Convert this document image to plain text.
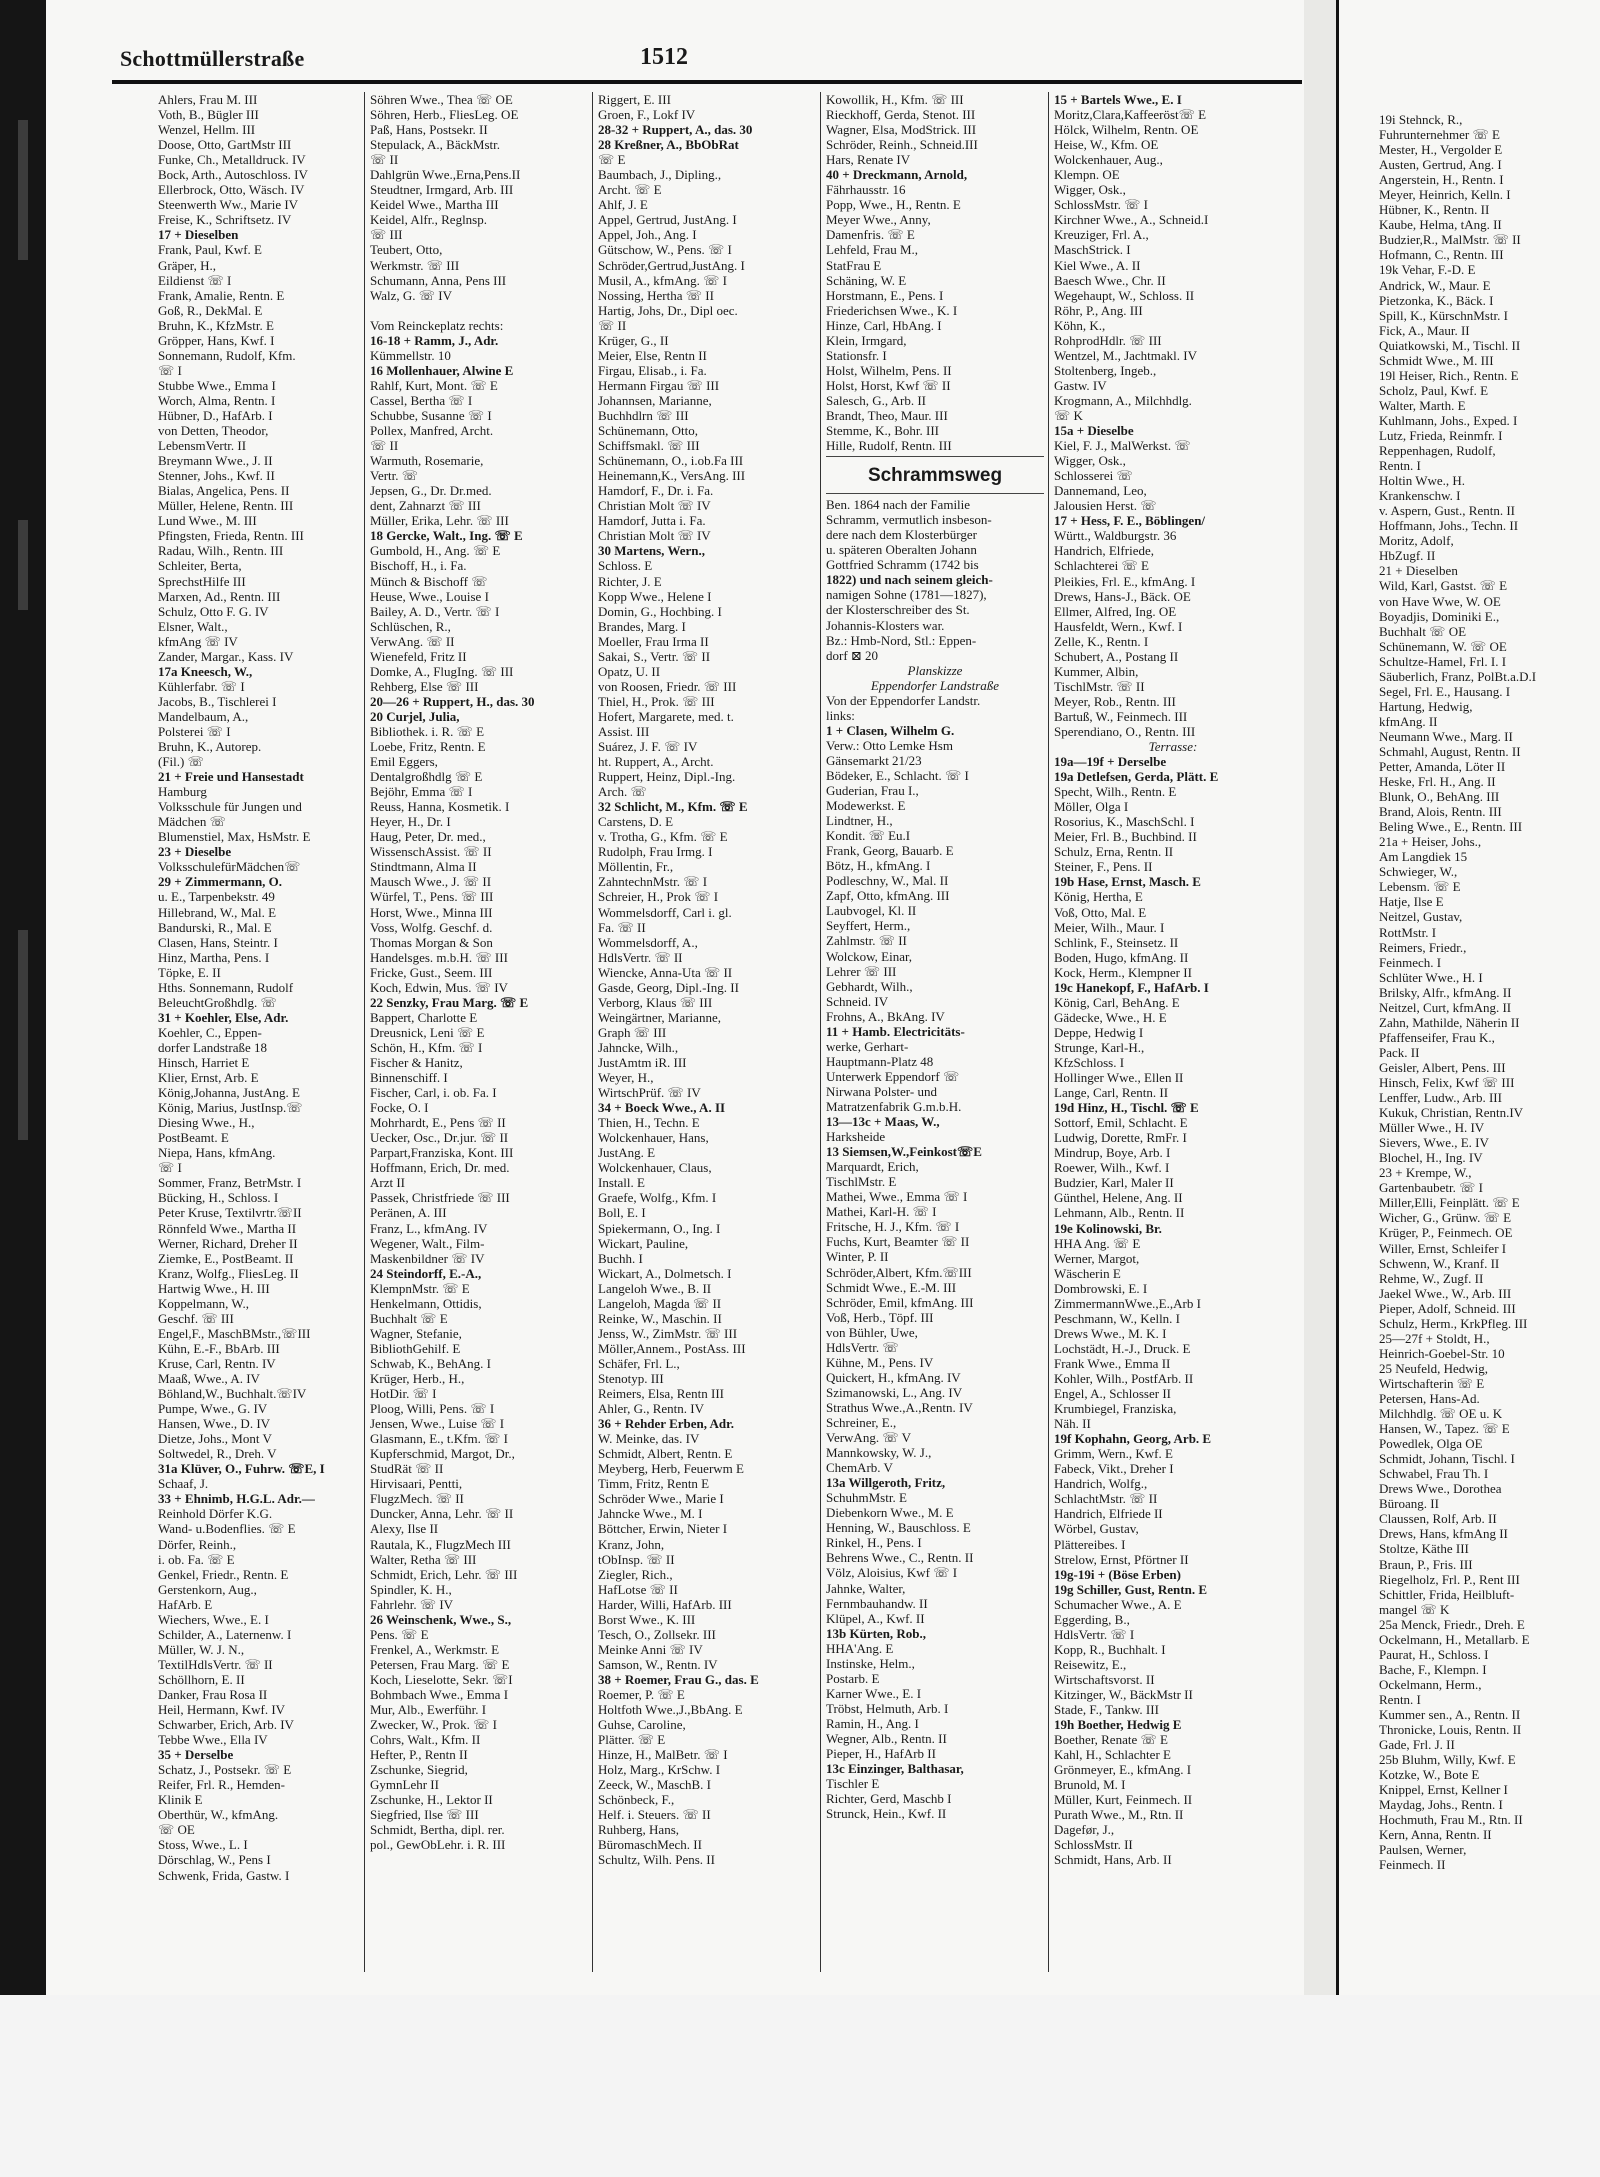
19i Stehnck, R.,
Fuhrunternehmer ☏ E
Mester, H., Vergolder E
Austen, Gertrud, Ang. I
Angerstein, H., Rentn. I
Meyer, Heinrich, Kelln. I
Hübner, K., Rentn. II
Kaube, Helma, tAng. II
Budzier,R., MalMstr. ☏ II
Hofmann, C., Rentn. III
19k Vehar, F.-D. E
Andrick, W., Maur. E
Pietzonka, K., Bäck. I
Spill, K., KürschnMstr. I
Fick, A., Maur. II
Quiatkowski, M., Tischl. II
Schmidt Wwe., M. III
19l Heiser, Rich., Rentn. E
Scholz, Paul, Kwf. E
Walter, Marth. E
Kuhlmann, Johs., Exped. I
Lutz, Frieda, Reinmfr. I
Reppenhagen, Rudolf,
Rentn. I
Holtin Wwe., H.
Krankenschw. I
v. Aspern, Gust., Rentn. II
Hoffmann, Johs., Techn. II
Moritz, Adolf,
HbZugf. II
21 + Dieselben
Wild, Karl, Gastst. ☏ E
von Have Wwe, W. OE
Boyadjis, Dominiki E.,
Buchhalt ☏ OE
Schünemann, W. ☏ OE
Schultze-Hamel, Frl. I. I
Säuberlich, Franz, PolBt.a.D.I
Segel, Frl. E., Hausang. I
Hartung, Hedwig,
kfmAng. II
Neumann Wwe., Marg. II
Schmahl, August, Rentn. II
Petter, Amanda, Löter II
Heske, Frl. H., Ang. II
Blunk, O., BehAng. III
Brand, Alois, Rentn. III
Beling Wwe., E., Rentn. III
21a + Heiser, Johs.,
Am Langdiek 15
Schwieger, W.,
Lebensm. ☏ E
Hatje, Ilse E
Neitzel, Gustav,
RottMstr. I
Reimers, Friedr.,
Feinmech. I
Schlüter Wwe., H. I
Brilsky, Alfr., kfmAng. II
Neitzel, Curt, kfmAng. II
Zahn, Mathilde, Näherin II
Pfaffenseifer, Frau K.,
Pack. II
Geisler, Albert, Pens. III
Hinsch, Felix, Kwf ☏ III
Lenffer, Ludw., Arb. III
Kukuk, Christian, Rentn.IV
Müller Wwe., H. IV
Sievers, Wwe., E. IV
Blochel, H., Ing. IV
23 + Krempe, W.,
Gartenbaubetr. ☏ I
Miller,Elli, Feinplätt. ☏ E
Wicher, G., Grünw. ☏ E
Krüger, P., Feinmech. OE
Willer, Ernst, Schleifer I
Schwenn, W., Kranf. II
Rehme, W., Zugf. II
Jaekel Wwe., W., Arb. III
Pieper, Adolf, Schneid. III
Schulz, Herm., KrkPfleg. III
25—27f + Stoldt, H.,
Heinrich-Goebel-Str. 10
25 Neufeld, Hedwig,
Wirtschafterin ☏ E
Petersen, Hans-Ad.
Milchhdlg. ☏ OE u. K
Hansen, W., Tapez. ☏ E
Powedlek, Olga OE
Schmidt, Johann, Tischl. I
Schwabel, Frau Th. I
Drews Wwe., Dorothea
Büroang. II
Claussen, Rolf, Arb. II
Drews, Hans, kfmAng II
Stoltze, Käthe III
Braun, P., Fris. III
Riegelholz, Frl. P., Rent III
Schittler, Frida, Heilbluft-
mangel ☏ K
25a Menck, Friedr., Dreh. E
Ockelmann, H., Metallarb. E
Paurat, H., Schloss. I
Bache, F., Klempn. I
Ockelmann, Herm.,
Rentn. I
Kummer sen., A., Rentn. II
Thronicke, Louis, Rentn. II
Gade, Frl. J. II
25b Bluhm, Willy, Kwf. E
Kotzke, W., Bote E
Knippel, Ernst, Kellner I
Maydag, Johs., Rentn. I
Hochmuth, Frau M., Rtn. II
Kern, Anna, Rentn. II
Paulsen, Werner,
Feinmech. II
Schottmüllerstraße	1512
Ahlers, Frau M. III
Voth, B., Bügler III
Wenzel, Hellm. III
Doose, Otto, GartMstr III
Funke, Ch., Metalldruck. IV
Bock, Arth., Autoschloss. IV
Ellerbrock, Otto, Wäsch. IV
Steenwerth Ww., Marie IV
Freise, K., Schriftsetz. IV
17 + Dieselben
Frank, Paul, Kwf. E
Gräper, H.,
Eildienst ☏ I
Frank, Amalie, Rentn. E
Goß, R., DekMal. E
Bruhn, K., KfzMstr. E
Gröpper, Hans, Kwf. I
Sonnemann, Rudolf, Kfm.
☏ I
Stubbe Wwe., Emma I
Worch, Alma, Rentn. I
Hübner, D., HafArb. I
von Detten, Theodor,
LebensmVertr. II
Breymann Wwe., J. II
Stenner, Johs., Kwf. II
Bialas, Angelica, Pens. II
Müller, Helene, Rentn. III
Lund Wwe., M. III
Pfingsten, Frieda, Rentn. III
Radau, Wilh., Rentn. III
Schleiter, Berta,
SprechstHilfe III
Marxen, Ad., Rentn. III
Schulz, Otto F. G. IV
Elsner, Walt.,
kfmAng ☏ IV
Zander, Margar., Kass. IV
17a Kneesch, W.,
Kühlerfabr. ☏ I
Jacobs, B., Tischlerei I
Mandelbaum, A.,
Polsterei ☏ I
Bruhn, K., Autorep.
(Fil.) ☏
21 + Freie und Hansestadt
Hamburg
Volksschule für Jungen und
Mädchen ☏
Blumenstiel, Max, HsMstr. E
23 + Dieselbe
VolksschulefürMädchen☏
29 + Zimmermann, O.
u. E., Tarpenbekstr. 49
Hillebrand, W., Mal. E
Bandurski, R., Mal. E
Clasen, Hans, Steintr. I
Hinz, Martha, Pens. I
Töpke, E. II
Hths. Sonnemann, Rudolf
BeleuchtGroßhdlg. ☏
31 + Koehler, Else, Adr.
Koehler, C., Eppen-
dorfer Landstraße 18
Hinsch, Harriet E
Klier, Ernst, Arb. E
König,Johanna, JustAng. E
König, Marius, JustInsp.☏
Diesing Wwe., H.,
PostBeamt. E
Niepa, Hans, kfmAng.
☏ I
Sommer, Franz, BetrMstr. I
Bücking, H., Schloss. I
Peter Kruse, Textilvrtr.☏II
Rönnfeld Wwe., Martha II
Werner, Richard, Dreher II
Ziemke, E., PostBeamt. II
Kranz, Wolfg., FliesLeg. II
Hartwig Wwe., H. III
Koppelmann, W.,
Geschf. ☏ III
Engel,F., MaschBMstr.,☏III
Kühn, E.-F., BbArb. III
Kruse, Carl, Rentn. IV
Maaß, Wwe., A. IV
Böhland,W., Buchhalt.☏IV
Pumpe, Wwe., G. IV
Hansen, Wwe., D. IV
Dietze, Johs., Mont V
Soltwedel, R., Dreh. V
31a Klüver, O., Fuhrw. ☏E, I
Schaaf, J.
33 + Ehnimb, H.G.L. Adr.—
Reinhold Dörfer K.G.
Wand- u.Bodenflies. ☏ E
Dörfer, Reinh.,
i. ob. Fa. ☏ E
Genkel, Friedr., Rentn. E
Gerstenkorn, Aug.,
HafArb. E
Wiechers, Wwe., E. I
Schilder, A., Laternenw. I
Müller, W. J. N.,
TextilHdlsVertr. ☏ II
Schöllhorn, E. II
Danker, Frau Rosa II
Heil, Hermann, Kwf. IV
Schwarber, Erich, Arb. IV
Tebbe Wwe., Ella IV
35 + Derselbe
Schatz, J., Postsekr. ☏ E
Reifer, Frl. R., Hemden-
Klinik E
Oberthür, W., kfmAng.
☏ OE
Stoss, Wwe., L. I
Dörschlag, W., Pens I
Schwenk, Frida, Gastw. I
Söhren Wwe., Thea ☏ OE
Söhren, Herb., FliesLeg. OE
Paß, Hans, Postsekr. II
Stepulack, A., BäckMstr.
☏ II
Dahlgrün Wwe.,Erna,Pens.II
Steudtner, Irmgard, Arb. III
Keidel Wwe., Martha III
Keidel, Alfr., Reglnsp.
☏ III
Teubert, Otto,
Werkmstr. ☏ III
Schumann, Anna, Pens III
Walz, G. ☏ IV

Vom Reinckeplatz rechts:
16-18 + Ramm, J., Adr.
Kümmellstr. 10
16 Mollenhauer, Alwine E
Rahlf, Kurt, Mont. ☏ E
Cassel, Bertha ☏ I
Schubbe, Susanne ☏ I
Pollex, Manfred, Archt.
☏ II
Warmuth, Rosemarie,
Vertr. ☏
Jepsen, G., Dr. Dr.med.
dent, Zahnarzt ☏ III
Müller, Erika, Lehr. ☏ III
18 Gercke, Walt., Ing. ☏ E
Gumbold, H., Ang. ☏ E
Bischoff, H., i. Fa.
Münch & Bischoff ☏
Heuse, Wwe., Louise I
Bailey, A. D., Vertr. ☏ I
Schlüschen, R.,
VerwAng. ☏ II
Wienefeld, Fritz II
Domke, A., FlugIng. ☏ III
Rehberg, Else ☏ III
20—26 + Ruppert, H., das. 30
20 Curjel, Julia,
Bibliothek. i. R. ☏ E
Loebe, Fritz, Rentn. E
Emil Eggers,
Dentalgroßhdlg ☏ E
Bejöhr, Emma ☏ I
Reuss, Hanna, Kosmetik. I
Heyer, H., Dr. I
Haug, Peter, Dr. med.,
WissenschAssist. ☏ II
Stindtmann, Alma II
Mausch Wwe., J. ☏ II
Würfel, T., Pens. ☏ III
Horst, Wwe., Minna III
Voss, Wolfg. Geschf. d.
Thomas Morgan & Son
Handelsges. m.b.H. ☏ III
Fricke, Gust., Seem. III
Koch, Edwin, Mus. ☏ IV
22 Senzky, Frau Marg. ☏ E
Bappert, Charlotte E
Dreusnick, Leni ☏ E
Schön, H., Kfm. ☏ I
Fischer & Hanitz,
Binnenschiff. I
Fischer, Carl, i. ob. Fa. I
Focke, O. I
Mohrhardt, E., Pens ☏ II
Uecker, Osc., Dr.jur. ☏ II
Parpart,Franziska, Kont. III
Hoffmann, Erich, Dr. med.
Arzt II
Passek, Christfriede ☏ III
Peränen, A. III
Franz, L., kfmAng. IV
Wegener, Walt., Film-
Maskenbildner ☏ IV
24 Steindorff, E.-A.,
KlempnMstr. ☏ E
Henkelmann, Ottidis,
Buchhalt ☏ E
Wagner, Stefanie,
BibliothGehilf. E
Schwab, K., BehAng. I
Krüger, Herb., H.,
HotDir. ☏ I
Ploog, Willi, Pens. ☏ I
Jensen, Wwe., Luise ☏ I
Glasmann, E., t.Kfm. ☏ I
Kupferschmid, Margot, Dr.,
StudRät ☏ II
Hirvisaari, Pentti,
FlugzMech. ☏ II
Duncker, Anna, Lehr. ☏ II
Alexy, Ilse II
Rautala, K., FlugzMech III
Walter, Retha ☏ III
Schmidt, Erich, Lehr. ☏ III
Spindler, K. H.,
Fahrlehr. ☏ IV
26 Weinschenk, Wwe., S.,
Pens. ☏ E
Frenkel, A., Werkmstr. E
Petersen, Frau Marg. ☏ E
Koch, Lieselotte, Sekr. ☏I
Bohmbach Wwe., Emma I
Mur, Alb., Ewerführ. I
Zwecker, W., Prok. ☏ I
Cohrs, Walt., Kfm. II
Hefter, P., Rentn II
Zschunke, Siegrid,
GymnLehr II
Zschunke, H., Lektor II
Siegfried, Ilse ☏ III
Schmidt, Bertha, dipl. rer.
pol., GewObLehr. i. R. III
Riggert, E. III
Groen, F., Lokf IV
28-32 + Ruppert, A., das. 30
28 Kreßner, A., BbObRat
☏ E
Baumbach, J., Dipling.,
Archt. ☏ E
Ahlf, J. E
Appel, Gertrud, JustAng. I
Appel, Joh., Ang. I
Gütschow, W., Pens. ☏ I
Schröder,Gertrud,JustAng. I
Musil, A., kfmAng. ☏ I
Nossing, Hertha ☏ II
Hartig, Johs, Dr., Dipl oec.
☏ II
Krüger, G., II
Meier, Else, Rentn II
Firgau, Elisab., i. Fa.
Hermann Firgau ☏ III
Johannsen, Marianne,
Buchhdlrn ☏ III
Schünemann, Otto,
Schiffsmakl. ☏ III
Schünemann, O., i.ob.Fa III
Heinemann,K., VersAng. III
Hamdorf, F., Dr. i. Fa.
Christian Molt ☏ IV
Hamdorf, Jutta i. Fa.
Christian Molt ☏ IV
30 Martens, Wern.,
Schloss. E
Richter, J. E
Kopp Wwe., Helene I
Domin, G., Hochbing. I
Brandes, Marg. I
Moeller, Frau Irma II
Sakai, S., Vertr. ☏ II
Opatz, U. II
von Roosen, Friedr. ☏ III
Thiel, H., Prok. ☏ III
Hofert, Margarete, med. t.
Assist. III
Suárez, J. F. ☏ IV
ht. Ruppert, A., Archt.
Ruppert, Heinz, Dipl.-Ing.
Arch. ☏
32 Schlicht, M., Kfm. ☏ E
Carstens, D. E
v. Trotha, G., Kfm. ☏ E
Rudolph, Frau Irmg. I
Möllentin, Fr.,
ZahntechnMstr. ☏ I
Schreier, H., Prok ☏ I
Wommelsdorff, Carl i. gl.
Fa. ☏ II
Wommelsdorff, A.,
HdlsVertr. ☏ II
Wiencke, Anna-Uta ☏ II
Gasde, Georg, Dipl.-Ing. II
Verborg, Klaus ☏ III
Weingärtner, Marianne,
Graph ☏ III
Jahncke, Wilh.,
JustAmtm iR. III
Weyer, H.,
WirtschPrüf. ☏ IV
34 + Boeck Wwe., A. II
Thien, H., Techn. E
Wolckenhauer, Hans,
JustAng. E
Wolckenhauer, Claus,
Install. E
Graefe, Wolfg., Kfm. I
Boll, E. I
Spiekermann, O., Ing. I
Wickart, Pauline,
Buchh. I
Wickart, A., Dolmetsch. I
Langeloh Wwe., B. II
Langeloh, Magda ☏ II
Reinke, W., Maschin. II
Jenss, W., ZimMstr. ☏ III
Möller,Annem., PostAss. III
Schäfer, Frl. L.,
Stenotyp. III
Reimers, Elsa, Rentn III
Ahler, G., Rentn. IV
36 + Rehder Erben, Adr.
W. Meinke, das. IV
Schmidt, Albert, Rentn. E
Meyberg, Herb, Feuerwm E
Timm, Fritz, Rentn E
Schröder Wwe., Marie I
Jahncke Wwe., M. I
Böttcher, Erwin, Nieter I
Kranz, John,
tObInsp. ☏ II
Ziegler, Rich.,
HafLotse ☏ II
Harder, Willi, HafArb. III
Borst Wwe., K. III
Tesch, O., Zollsekr. III
Meinke Anni ☏ IV
Samson, W., Rentn. IV
38 + Roemer, Frau G., das. E
Roemer, P. ☏ E
Holtfoth Wwe.,J.,BbAng. E
Guhse, Caroline,
Plätter. ☏ E
Hinze, H., MalBetr. ☏ I
Holz, Marg., KrSchw. I
Zeeck, W., MaschB. I
Schönbeck, F.,
Helf. i. Steuers. ☏ II
Ruhberg, Hans,
BüromaschMech. II
Schultz, Wilh. Pens. II
Kowollik, H., Kfm. ☏ III
Rieckhoff, Gerda, Stenot. III
Wagner, Elsa, ModStrick. III
Schröder, Reinh., Schneid.III
Hars, Renate IV
40 + Dreckmann, Arnold,
Fährhausstr. 16
Popp, Wwe., H., Rentn. E
Meyer Wwe., Anny,
Damenfris. ☏ E
Lehfeld, Frau M.,
StatFrau E
Schäning, W. E
Horstmann, E., Pens. I
Friederichsen Wwe., K. I
Hinze, Carl, HbAng. I
Klein, Irmgard,
Stationsfr. I
Holst, Wilhelm, Pens. II
Holst, Horst, Kwf ☏ II
Salesch, G., Arb. II
Brandt, Theo, Maur. III
Stemme, K., Bohr. III
Hille, Rudolf, Rentn. III
Schrammsweg
Ben. 1864 nach der Familie
Schramm, vermutlich insbeson-
dere nach dem Klosterbürger
u. späteren Oberalten Johann
Gottfried Schramm (1742 bis
1822) und nach seinem gleich-
namigen Sohne (1781—1827),
der Klosterschreiber des St.
Johannis-Klosters war.
Bz.: Hmb-Nord, Stl.: Eppen-
dorf ⊠ 20
Planskizze
Eppendorfer Landstraße
Von der Eppendorfer Landstr.
links:
1 + Clasen, Wilhelm G.
Verw.: Otto Lemke Hsm
Gänsemarkt 21/23
Bödeker, E., Schlacht. ☏ I
Guderian, Frau I.,
Modewerkst. E
Lindtner, H.,
Kondit. ☏ Eu.I
Frank, Georg, Bauarb. E
Bötz, H., kfmAng. I
Podleschny, W., Mal. II
Zapf, Otto, kfmAng. III
Laubvogel, Kl. II
Seyffert, Herm.,
Zahlmstr. ☏ II
Wolckow, Einar,
Lehrer ☏ III
Gebhardt, Wilh.,
Schneid. IV
Frohns, A., BkAng. IV
11 + Hamb. Electricitäts-
werke, Gerhart-
Hauptmann-Platz 48
Unterwerk Eppendorf ☏
Nirwana Polster- und
Matratzenfabrik G.m.b.H.
13—13c + Maas, W.,
Harksheide
13 Siemsen,W.,Feinkost☏E
Marquardt, Erich,
TischlMstr. E
Mathei, Wwe., Emma ☏ I
Mathei, Karl-H. ☏ I
Fritsche, H. J., Kfm. ☏ I
Fuchs, Kurt, Beamter ☏ II
Winter, P. II
Schröder,Albert, Kfm.☏III
Schmidt Wwe., E.-M. III
Schröder, Emil, kfmAng. III
Voß, Herb., Töpf. III
von Bühler, Uwe,
HdlsVertr. ☏
Kühne, M., Pens. IV
Quickert, H., kfmAng. IV
Szimanowski, L., Ang. IV
Strathus Wwe.,A.,Rentn. IV
Schreiner, E.,
VerwAng. ☏ V
Mannkowsky, W. J.,
ChemArb. V
13a Willgeroth, Fritz,
SchuhmMstr. E
Diebenkorn Wwe., M. E
Henning, W., Bauschloss. E
Rinkel, H., Pens. I
Behrens Wwe., C., Rentn. II
Völz, Aloisius, Kwf ☏ I
Jahnke, Walter,
Fernmbauhandw. II
Klüpel, A., Kwf. II
13b Kürten, Rob.,
HHA'Ang. E
Instinske, Helm.,
Postarb. E
Karner Wwe., E. I
Tröbst, Helmuth, Arb. I
Ramin, H., Ang. I
Wegner, Alb., Rentn. II
Pieper, H., HafArb II
13c Einzinger, Balthasar,
Tischler E
Richter, Gerd, Maschb I
Strunck, Hein., Kwf. II
15 + Bartels Wwe., E. I
Moritz,Clara,Kaffeeröst☏ E
Hölck, Wilhelm, Rentn. OE
Heise, W., Kfm. OE
Wolckenhauer, Aug.,
Klempn. OE
Wigger, Osk.,
SchlossMstr. ☏ I
Kirchner Wwe., A., Schneid.I
Kreuziger, Frl. A.,
MaschStrick. I
Kiel Wwe., A. II
Baesch Wwe., Chr. II
Wegehaupt, W., Schloss. II
Röhr, P., Ang. III
Köhn, K.,
RohprodHdlr. ☏ III
Wentzel, M., Jachtmakl. IV
Stoltenberg, Ingeb.,
Gastw. IV
Krogmann, A., Milchhdlg.
☏ K
15a + Dieselbe
Kiel, F. J., MalWerkst. ☏
Wigger, Osk.,
Schlosserei ☏
Dannemand, Leo,
Jalousien Herst. ☏
17 + Hess, F. E., Böblingen/
Württ., Waldburgstr. 36
Handrich, Elfriede,
Schlachterei ☏ E
Pleikies, Frl. E., kfmAng. I
Drews, Hans-J., Bäck. OE
Ellmer, Alfred, Ing. OE
Hausfeldt, Wern., Kwf. I
Zelle, K., Rentn. I
Schubert, A., Postang II
Kummer, Albin,
TischlMstr. ☏ II
Meyer, Rob., Rentn. III
Bartuß, W., Feinmech. III
Sperendiano, O., Rentn. III
Terrasse:
19a—19f + Derselbe
19a Detlefsen, Gerda, Plätt. E
Specht, Wilh., Rentn. E
Möller, Olga I
Rosorius, K., MaschSchl. I
Meier, Frl. B., Buchbind. II
Schulz, Erna, Rentn. II
Steiner, F., Pens. II
19b Hase, Ernst, Masch. E
König, Hertha, E
Voß, Otto, Mal. E
Meier, Wilh., Maur. I
Schlink, F., Steinsetz. II
Boden, Hugo, kfmAng. II
Kock, Herm., Klempner II
19c Hanekopf, F., HafArb. I
König, Carl, BehAng. E
Gädecke, Wwe., H. E
Deppe, Hedwig I
Strunge, Karl-H.,
KfzSchloss. I
Hollinger Wwe., Ellen II
Lange, Carl, Rentn. II
19d Hinz, H., Tischl. ☏ E
Sottorf, Emil, Schlacht. E
Ludwig, Dorette, RmFr. I
Mindrup, Boye, Arb. I
Roewer, Wilh., Kwf. I
Budzier, Karl, Maler II
Günthel, Helene, Ang. II
Lehmann, Alb., Rentn. II
19e Kolinowski, Br.
HHA Ang. ☏ E
Werner, Margot,
Wäscherin E
Dombrowski, E. I
ZimmermannWwe.,E.,Arb I
Peschmann, W., Kelln. I
Drews Wwe., M. K. I
Lochstädt, H.-J., Druck. E
Frank Wwe., Emma II
Kohler, Wilh., PostfArb. II
Engel, A., Schlosser II
Krumbiegel, Franziska,
Näh. II
19f Kophahn, Georg, Arb. E
Grimm, Wern., Kwf. E
Fabeck, Vikt., Dreher I
Handrich, Wolfg.,
SchlachtMstr. ☏ II
Handrich, Elfriede II
Wörbel, Gustav,
Plättereibes. I
Strelow, Ernst, Pförtner II
19g-19i + (Böse Erben)
19g Schiller, Gust, Rentn. E
Schumacher Wwe., A. E
Eggerding, B.,
HdlsVertr. ☏ I
Kopp, R., Buchhalt. I
Reisewitz, E.,
Wirtschaftsvorst. II
Kitzinger, W., BäckMstr II
Stade, F., Tankw. III
19h Boether, Hedwig E
Boether, Renate ☏ E
Kahl, H., Schlachter E
Grönmeyer, E., kfmAng. I
Brunold, M. I
Müller, Kurt, Feinmech. II
Purath Wwe., M., Rtn. II
Dagefør, J.,
SchlossMstr. II
Schmidt, Hans, Arb. II
